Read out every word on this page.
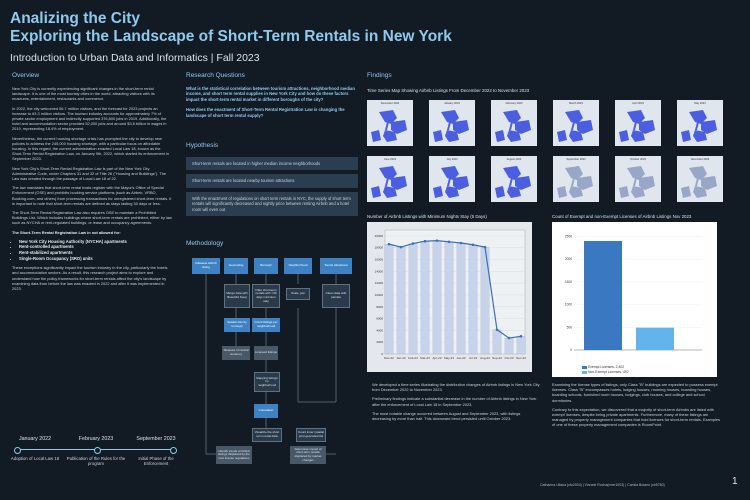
Analizing the City
Exploring the Landscape of Short-Term Rentals in New York
Introduction to Urban Data and Informatics | Fall 2023
Overview

New York City is currently experiencing significant changes in the short-term rental landscape. It is one of the most touristy cities in the world, attracting visitors with its museums, entertainment, restaurants and commerce.

In 2022, the city welcomed 56.7 million visitors, and the forecast for 2023 projects an increase to 63.3 million visitors. The tourism industry accounts for approximately 7% of private sector employment and indirectly supported 376,800 jobs in 2019. Additionally, the hotel and accommodation sector provided 52,000 jobs and around $3.6 billion in wages in 2019, representing 18.4% of employment.

Nevertheless, the current housing shortage crisis has prompted the city to develop new policies to address the 245,000 housing shortage, with a particular focus on affordable housing. In this regard, the current administration enacted Local Law 18, known as the Short-Term Rental Registration Law, on January 9th, 2022, which started its enforcement in September 2023.

New York City's Short-Term Rental Registration Law is part of the New York City Administrative Code, under Chapters 31 and 32 of Title 26 ("Housing and Buildings"). The Law was created through the passage of Local Law 18 of 22.

The law mandates that short-term rental hosts register with the Mayor's Office of Special Enforcement (OSE) and prohibits booking service platforms (such as Airbnb, VRBO, Booking.com, and others) from processing transactions for unregistered short-term rentals. It is important to note that short-term rentals are defined as stays lasting 30 days or less.

The Short-Term Rental Registration Law also requires OSE to maintain a Prohibited Buildings List. Which includes buildings where short-term rentals are prohibited, either by law such as NYCHA or rent-regulated buildings, or lease and occupancy agreements.

The Short-Term Rental Registration Law in not allowed for:

• New York City Housing Authority (NYCHA) apartments
• Rent-controlled apartments
• Rent-stabilized apartments
• Single-Room Occupancy (SRO) units

These exceptions significantly impact the tourism industry in the city, particularly the hotels and accommodation sectors. As a result, this research project aims to explore and understand how the policy frameworks for short-term rentals affect the city's landscape by examining data from before the law was enacted in 2022 and after it was implemented in 2023.

January 2022	February 2023	September 2023
Adoption of Local Law 18 Publication of the Rules for the program
Initial Phase of the Enforcement
Research Questions

What is the statistical correlation between tourism attractions, neighborhood median income, and short term rental supplies in New York City and how do these factors impact the short-term rental market in different boroughs of the city?

How does the enactment of Short-Term Rental Registration Law is changing the landscape of short term rental supply?

Hypothesis
Short-term rentals are located in higher median income neighborhoods
Short-term rentals are located nearby tourism attractions
With the enactment of regulations on short term rentals in NYC, the supply of short term rentals will significantly decreased and nightly price between renting Airbnb and a hotel room will even out
Methodology
Datasets Airbnb listing	Geocoding	Borough	Neighborhood	Tourist attractions
Merge data with Beautiful Soup
Filter short-term rentals with >30 days minimum stay
Scale, join	Clean data with pandas
Spatial Join by borough
Count listings per neighborhood
Measure of central tendency	Licensed listings
Mapping listings by neighborhood
Correlation
Visualize the short term rental data
Count inner (spatial join) geocoded list
Identify trends of Airbnb listings displaced by the new license regulations
Determine impact of short-term rentals displaced by market changes
Findings
Time Series Map Showing Airbnb Listings From December 2022 to November 2023
December 2022	January 2023	February 2023	March 2023	April 2023	May 2023
June 2023	July 2023	August 2023	September 2023	October 2023	November 2023
Number of Airbnb Listings with Minimum Nights Stay (5 Days)
0
2000
4000
6000
8000
10000
12000
14000
16000
18000
20000
Dec-22 Jan-23 Feb-23 Mar-23 Apr-23 May-23 Jun-23 Jul-23 Aug-23 Sep-23 Oct-23 Nov-23
Count of Exempt and non-Exempt Licenses of Airbnb Listings Nov 2023
0
500
1000
1500
2000
2500
Exempt Licenses: 2,402
Non-Exempt Licenses: 492

We developed a time series illustrating the distribution changes of Airbnb listings in New York City from December 2022 to November 2023.

Preliminary findings indicate a substantial decrease in the number of Airbnb listings in New York after the enforcement of Local Law 18 in September 2023.

The most notable change occurred between August and September 2023, with listings decreasing by more than half. This downward trend persisted until October 2023.

Examining the license types of listings, only Class "B" buildings are expected to possess exempt licenses. Class "B" encompasses hotels, lodging houses, rooming houses, boarding houses, boarding schools, furnished room houses, lodgings, club houses, and college and school dormitories.

Contrary to this expectation, we discovered that a majority of short-term Airbnbs are listed with exempt licenses, despite being private apartments. Furthermore, many of these listings are managed by property management companies that hold licenses for short-term rentals. Examples of one of these property management companies is RoomPoint.

Catharina Uliana (cfu2004) | Vinnele Rocha(mee1003) | Camila Bolano (cb5780)	1
